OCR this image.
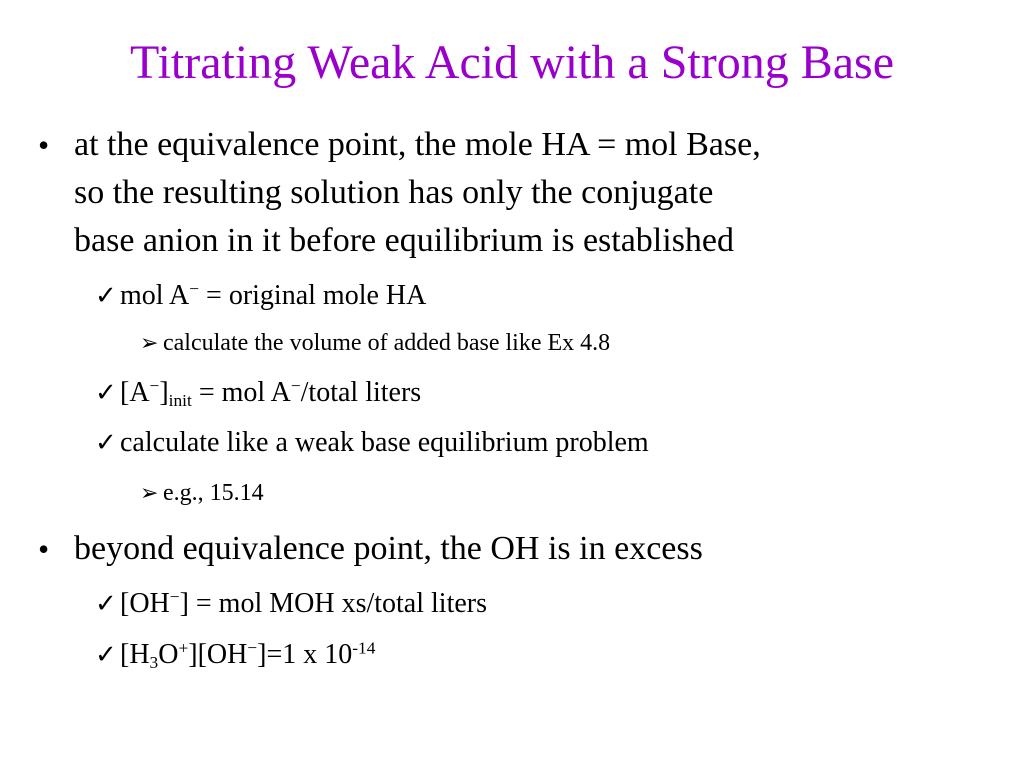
Titrating Weak Acid with a Strong Base
• at the equivalence point, the mole HA = mol Base,
so the resulting solution has only the conjugate
base anion in it before equilibrium is established
✓ mol A− = original mole HA
➢ calculate the volume of added base like Ex 4.8
✓ $[A^-]_{init}$ = mol A−/total liters
✓ calculate like a weak base equilibrium problem
➢ e.g., 15.14
• beyond equivalence point, the OH is in excess
✓ [OH−] = mol MOH xs/total liters
✓ $[H_3O^+][OH^-]=1$ x $10^{-14}$
